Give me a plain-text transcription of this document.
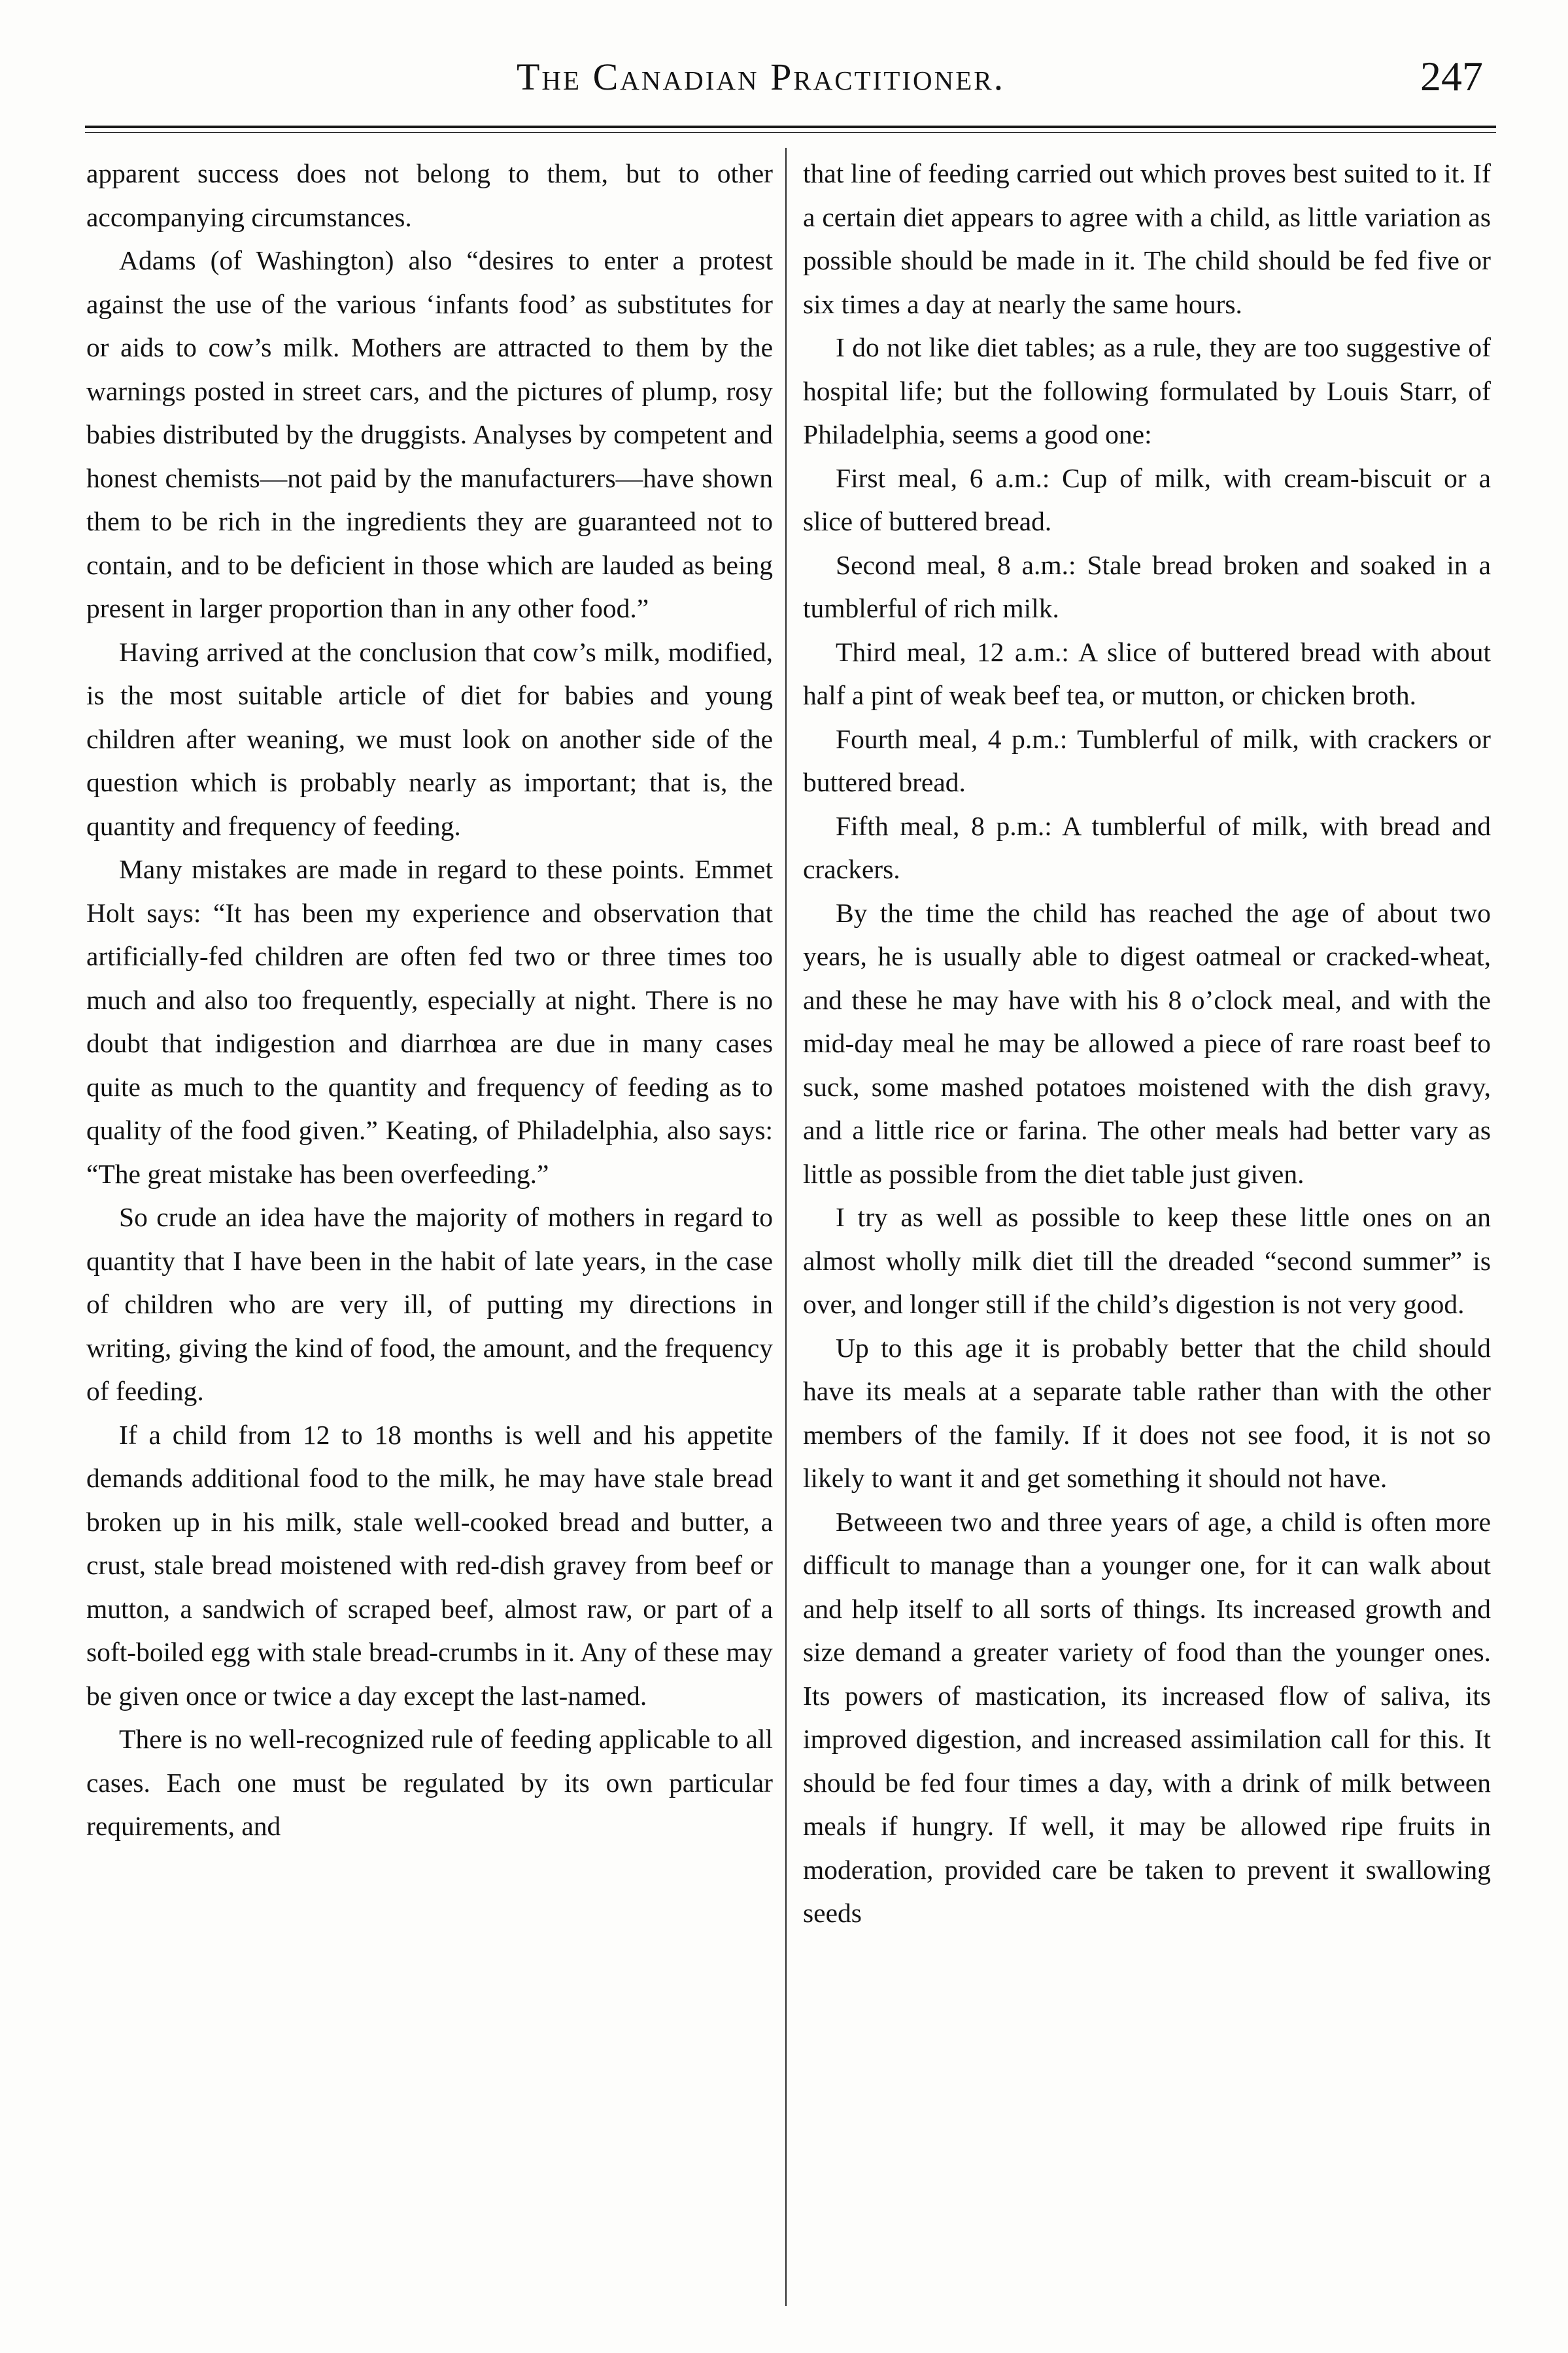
The Canadian Practitioner.	247

apparent success does not belong to them, but to other accompanying circumstances.

Adams (of Washington) also “desires to enter a protest against the use of the various ‘infants food’ as substitutes for or aids to cow’s milk. Mothers are attracted to them by the warnings posted in street cars, and the pictures of plump, rosy babies distributed by the druggists. Analyses by competent and honest chemists—not paid by the manufacturers—have shown them to be rich in the ingredients they are guaranteed not to contain, and to be deficient in those which are lauded as being present in larger proportion than in any other food.”

Having arrived at the conclusion that cow’s milk, modified, is the most suitable article of diet for babies and young children after weaning, we must look on another side of the question which is probably nearly as important; that is, the quantity and frequency of feeding.

Many mistakes are made in regard to these points. Emmet Holt says: “It has been my experience and observation that artificially-fed children are often fed two or three times too much and also too frequently, especially at night. There is no doubt that indigestion and diarrhœa are due in many cases quite as much to the quantity and frequency of feeding as to quality of the food given.” Keating, of Philadelphia, also says: “The great mistake has been overfeeding.”

So crude an idea have the majority of mothers in regard to quantity that I have been in the habit of late years, in the case of children who are very ill, of putting my directions in writing, giving the kind of food, the amount, and the frequency of feeding.

If a child from 12 to 18 months is well and his appetite demands additional food to the milk, he may have stale bread broken up in his milk, stale well-cooked bread and butter, a crust, stale bread moistened with red-dish gravey from beef or mutton, a sandwich of scraped beef, almost raw, or part of a soft-boiled egg with stale bread-crumbs in it. Any of these may be given once or twice a day except the last-named.

There is no well-recognized rule of feeding applicable to all cases. Each one must be regulated by its own particular requirements, and

that line of feeding carried out which proves best suited to it. If a certain diet appears to agree with a child, as little variation as possible should be made in it. The child should be fed five or six times a day at nearly the same hours.

I do not like diet tables; as a rule, they are too suggestive of hospital life; but the following formulated by Louis Starr, of Philadelphia, seems a good one:

First meal, 6 a.m.: Cup of milk, with cream-biscuit or a slice of buttered bread.

Second meal, 8 a.m.: Stale bread broken and soaked in a tumblerful of rich milk.

Third meal, 12 a.m.: A slice of buttered bread with about half a pint of weak beef tea, or mutton, or chicken broth.

Fourth meal, 4 p.m.: Tumblerful of milk, with crackers or buttered bread.

Fifth meal, 8 p.m.: A tumblerful of milk, with bread and crackers.

By the time the child has reached the age of about two years, he is usually able to digest oatmeal or cracked-wheat, and these he may have with his 8 o’clock meal, and with the mid-day meal he may be allowed a piece of rare roast beef to suck, some mashed potatoes moistened with the dish gravy, and a little rice or farina. The other meals had better vary as little as possible from the diet table just given.

I try as well as possible to keep these little ones on an almost wholly milk diet till the dreaded “second summer” is over, and longer still if the child’s digestion is not very good.

Up to this age it is probably better that the child should have its meals at a separate table rather than with the other members of the family. If it does not see food, it is not so likely to want it and get something it should not have.

Betweeen two and three years of age, a child is often more difficult to manage than a younger one, for it can walk about and help itself to all sorts of things. Its increased growth and size demand a greater variety of food than the younger ones. Its powers of mastication, its increased flow of saliva, its improved digestion, and increased assimilation call for this. It should be fed four times a day, with a drink of milk between meals if hungry. If well, it may be allowed ripe fruits in moderation, provided care be taken to prevent it swallowing seeds
